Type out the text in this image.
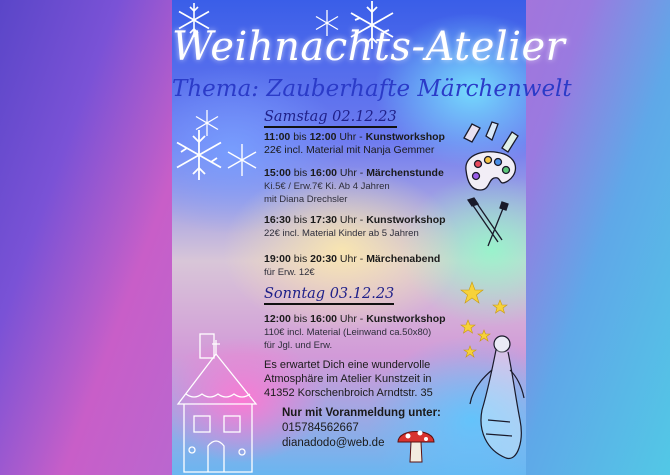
Weihnachts-Atelier
Thema: Zauberhafte Märchenwelt
Samstag 02.12.23
11:00 bis 12:00 Uhr - Kunstworkshop
22€ incl. Material mit Nanja Gemmer
15:00 bis 16:00 Uhr - Märchenstunde
Ki.5€ / Erw.7€ Ki. Ab 4 Jahren
mit Diana Drechsler
16:30 bis 17:30 Uhr - Kunstworkshop
22€ incl. Material Kinder ab 5 Jahren
19:00 bis 20:30 Uhr - Märchenabend
für Erw. 12€
Sonntag 03.12.23
12:00 bis 16:00 Uhr - Kunstworkshop
110€ incl. Material (Leinwand ca.50x80)
für Jgl. und Erw.
Es erwartet Dich eine wundervolle
Atmosphäre im Atelier Kunstzeit in
41352 Korschenbroich Arndtstr. 35
Nur mit Voranmeldung unter:
015784562667
dianadodo@web.de
